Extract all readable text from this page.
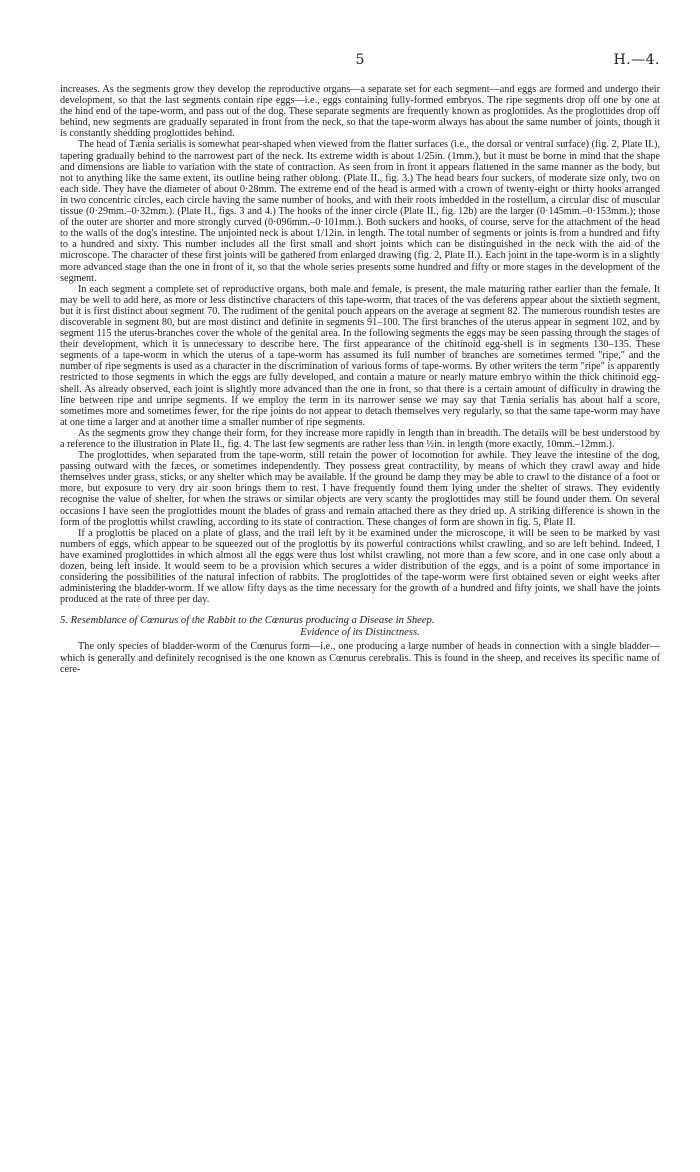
5	H.—4.

increases. As the segments grow they develop the reproductive organs—a separate set for each segment—and eggs are formed and undergo their development, so that the last segments contain ripe eggs—i.e., eggs containing fully-formed embryos. The ripe segments drop off one by one at the hind end of the tape-worm, and pass out of the dog. These separate segments are frequently known as proglottides. As the proglottides drop off behind, new segments are gradually separated in front from the neck, so that the tape-worm always has about the same number of joints, though it is constantly shedding proglottides behind.

The head of Tænia serialis is somewhat pear-shaped when viewed from the flatter surfaces (i.e., the dorsal or ventral surface) (fig. 2, Plate II.), tapering gradually behind to the narrowest part of the neck. Its extreme width is about 1/25in. (1mm.), but it must be borne in mind that the shape and dimensions are liable to variation with the state of contraction. As seen from in front it appears flattened in the same manner as the body, but not to anything like the same extent, its outline being rather oblong. (Plate II., fig. 3.) The head bears four suckers, of moderate size only, two on each side. They have the diameter of about 0·28mm. The extreme end of the head is armed with a crown of twenty-eight or thirty hooks arranged in two concentric circles, each circle having the same number of hooks, and with their roots imbedded in the rostellum, a circular disc of muscular tissue (0·29mm.–0·32mm.). (Plate II., figs. 3 and 4.) The hooks of the inner circle (Plate II., fig. 12b) are the larger (0·145mm.–0·153mm.); those of the outer are shorter and more strongly curved (0·096mm.–0·101mm.). Both suckers and hooks, of course, serve for the attachment of the head to the walls of the dog's intestine. The unjointed neck is about 1/12in. in length. The total number of segments or joints is from a hundred and fifty to a hundred and sixty. This number includes all the first small and short joints which can be distinguished in the neck with the aid of the microscope. The character of these first joints will be gathered from enlarged drawing (fig. 2, Plate II.). Each joint in the tape-worm is in a slightly more advanced stage than the one in front of it, so that the whole series presents some hundred and fifty or more stages in the development of the segment.

In each segment a complete set of reproductive organs, both male and female, is present, the male maturing rather earlier than the female. It may be well to add here, as more or less distinctive characters of this tape-worm, that traces of the vas deferens appear about the sixtieth segment, but it is first distinct about segment 70. The rudiment of the genital pouch appears on the average at segment 82. The numerous roundish testes are discoverable in segment 80, but are most distinct and definite in segments 91–100. The first branches of the uterus appear in segment 102, and by segment 115 the uterus-branches cover the whole of the genital area. In the following segments the eggs may be seen passing through the stages of their development, which it is unnecessary to describe here. The first appearance of the chitinoid egg-shell is in segments 130–135. These segments of a tape-worm in which the uterus of a tape-worm has assumed its full number of branches are sometimes termed "ripe," and the number of ripe segments is used as a character in the discrimination of various forms of tape-worms. By other writers the term "ripe" is apparently restricted to those segments in which the eggs are fully developed, and contain a mature or nearly mature embryo within the thick chitinoid egg-shell. As already observed, each joint is slightly more advanced than the one in front, so that there is a certain amount of difficulty in drawing the line between ripe and unripe segments. If we employ the term in its narrower sense we may say that Tænia serialis has about half a score, sometimes more and sometimes fewer, for the ripe joints do not appear to detach themselves very regularly, so that the same tape-worm may have at one time a larger and at another time a smaller number of ripe segments.

As the segments grow they change their form, for they increase more rapidly in length than in breadth. The details will be best understood by a reference to the illustration in Plate II., fig. 4. The last few segments are rather less than ½in. in length (more exactly, 10mm.–12mm.).

The proglottides, when separated from the tape-worm, still retain the power of locomotion for awhile. They leave the intestine of the dog, passing outward with the fæces, or sometimes independently. They possess great contractility, by means of which they crawl away and hide themselves under grass, sticks, or any shelter which may be available. If the ground be damp they may be able to crawl to the distance of a foot or more, but exposure to very dry air soon brings them to rest. I have frequently found them lying under the shelter of straws. They evidently recognise the value of shelter, for when the straws or similar objects are very scanty the proglottides may still be found under them. On several occasions I have seen the proglottides mount the blades of grass and remain attached there as they dried up. A striking difference is shown in the form of the proglottis whilst crawling, according to its state of contraction. These changes of form are shown in fig. 5, Plate II.

If a proglottis be placed on a plate of glass, and the trail left by it be examined under the microscope, it will be seen to be marked by vast numbers of eggs, which appear to be squeezed out of the proglottis by its powerful contractions whilst crawling, and so are left behind. Indeed, I have examined proglottides in which almost all the eggs were thus lost whilst crawling, not more than a few score, and in one case only about a dozen, being left inside. It would seem to be a provision which secures a wider distribution of the eggs, and is a point of some importance in considering the possibilities of the natural infection of rabbits. The proglottides of the tape-worm were first obtained seven or eight weeks after administering the bladder-worm. If we allow fifty days as the time necessary for the growth of a hundred and fifty joints, we shall have the joints produced at the rate of three per day.

5. Resemblance of Cœnurus of the Rabbit to the Cœnurus producing a Disease in Sheep.
Evidence of its Distinctness.

The only species of bladder-worm of the Cœnurus form—i.e., one producing a large number of heads in connection with a single bladder—which is generally and definitely recognised is the one known as Cœnurus cerebralis. This is found in the sheep, and receives its specific name of cere-
